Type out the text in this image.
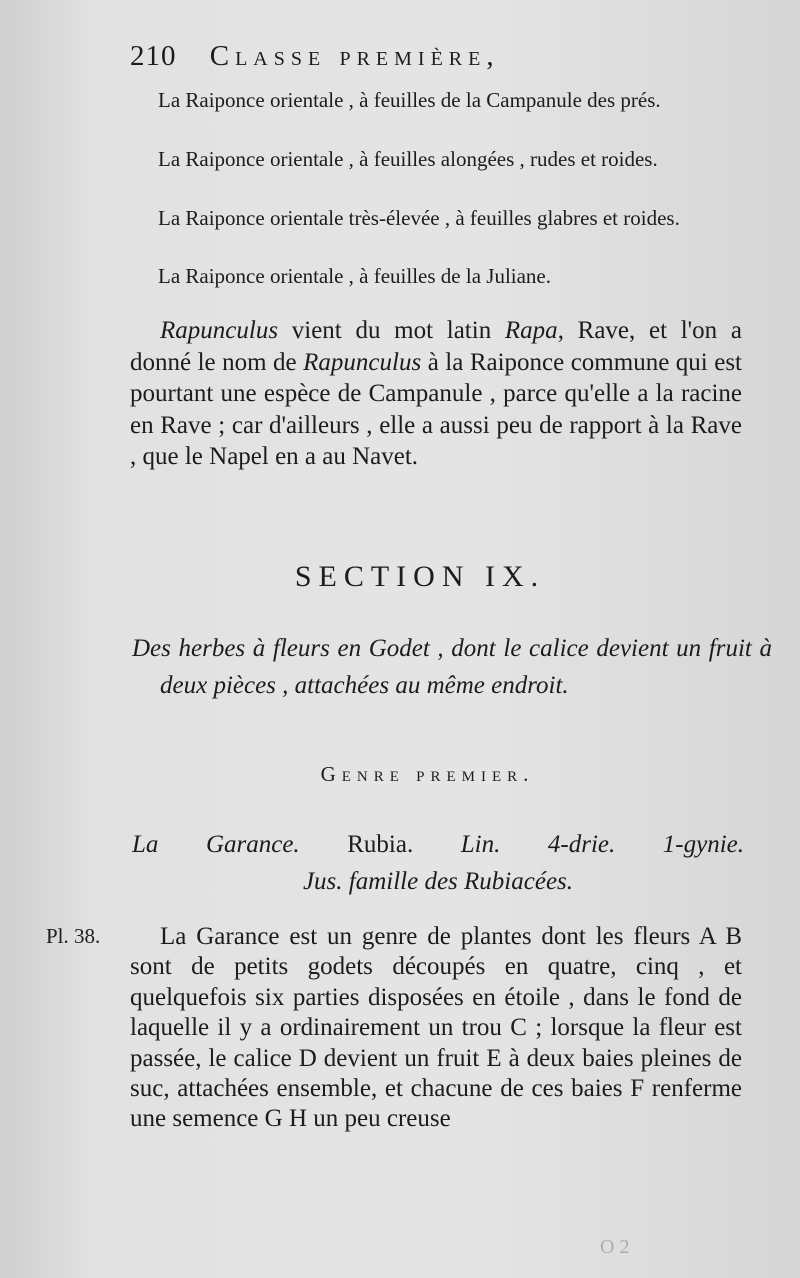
210 Classe première,

La Raiponce orientale , à feuilles de la Campanule des prés.

La Raiponce orientale , à feuilles alongées , rudes et roides.

La Raiponce orientale très-élevée , à feuilles glabres et roides.

La Raiponce orientale , à feuilles de la Juliane.

Rapunculus vient du mot latin Rapa, Rave, et l'on a donné le nom de Rapunculus à la Raiponce commune qui est pourtant une espèce de Campanule , parce qu'elle a la racine en Rave ; car d'ailleurs , elle a aussi peu de rapport à la Rave , que le Napel en a au Navet.

SECTION IX.

Des herbes à fleurs en Godet , dont le calice devient un fruit à deux pièces , attachées au même endroit.

Genre premier.

La Garance. Rubia. Lin. 4-drie. 1-gynie.
Jus. famille des Rubiacées.

Pl. 38.	La Garance est un genre de plantes dont les fleurs A B sont de petits godets découpés en quatre, cinq , et quelquefois six parties disposées en étoile , dans le fond de laquelle il y a ordinairement un trou C ; lorsque la fleur est passée, le calice D devient un fruit E à deux baies pleines de suc, attachées ensemble, et chacune de ces baies F renferme une semence G H un peu creuse

O 2
